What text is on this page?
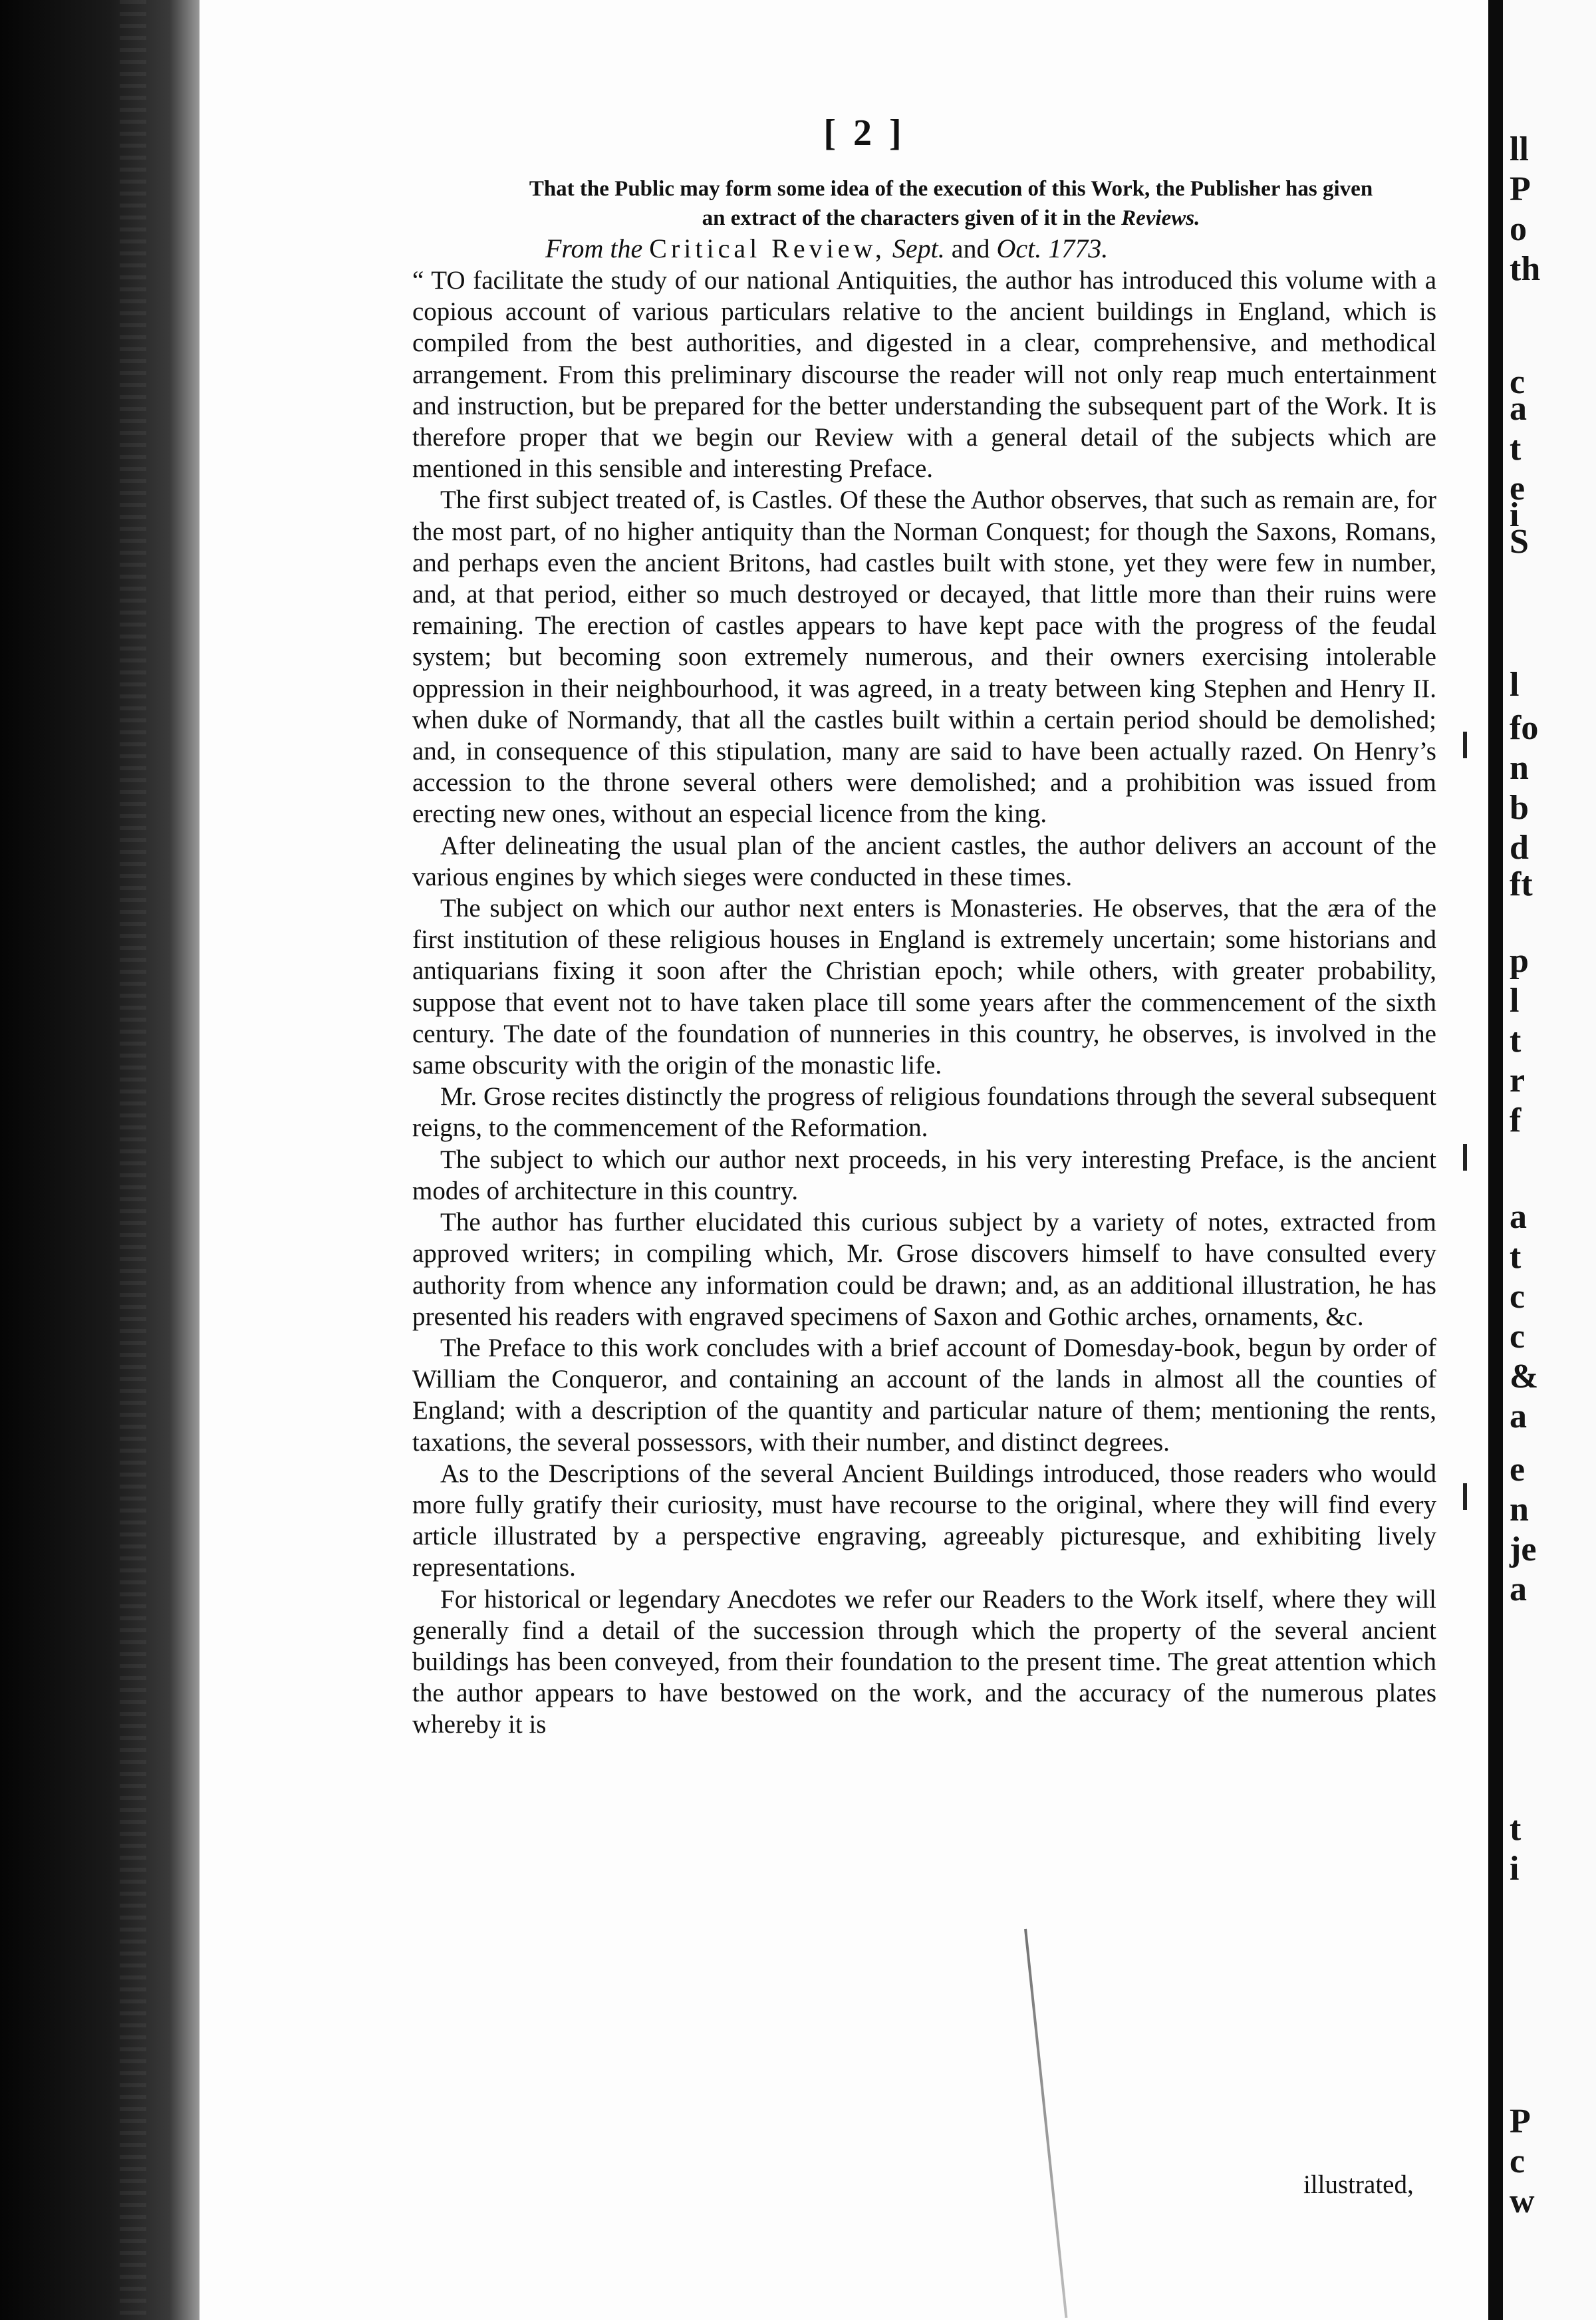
[ 2 ]
That the Public may form some idea of the execution of this Work, the Publisher has given
an extract of the characters given of it in the Reviews.
From the Critical Review, Sept. and Oct. 1773.

“ TO facilitate the study of our national Antiquities, the author has introduced this volume with a copious account of various particulars relative to the ancient buildings in England, which is compiled from the best authorities, and digested in a clear, comprehensive, and methodical arrangement. From this preliminary discourse the reader will not only reap much entertainment and instruction, but be prepared for the better understanding the subsequent part of the Work. It is therefore proper that we begin our Review with a general detail of the subjects which are mentioned in this sensible and interesting Preface.

The first subject treated of, is Castles. Of these the Author observes, that such as remain are, for the most part, of no higher antiquity than the Norman Conquest; for though the Saxons, Romans, and perhaps even the ancient Britons, had castles built with stone, yet they were few in number, and, at that period, either so much destroyed or decayed, that little more than their ruins were remaining. The erection of castles appears to have kept pace with the progress of the feudal system; but becoming soon extremely numerous, and their owners exercising intolerable oppression in their neighbourhood, it was agreed, in a treaty between king Stephen and Henry II. when duke of Normandy, that all the castles built within a certain period should be demolished; and, in consequence of this stipulation, many are said to have been actually razed. On Henry’s accession to the throne several others were demolished; and a prohibition was issued from erecting new ones, without an especial licence from the king.

After delineating the usual plan of the ancient castles, the author delivers an account of the various engines by which sieges were conducted in these times.

The subject on which our author next enters is Monasteries. He observes, that the æra of the first institution of these religious houses in England is extremely uncertain; some historians and antiquarians fixing it soon after the Christian epoch; while others, with greater probability, suppose that event not to have taken place till some years after the commencement of the sixth century. The date of the foundation of nunneries in this country, he observes, is involved in the same obscurity with the origin of the monastic life.

Mr. Grose recites distinctly the progress of religious foundations through the several subsequent reigns, to the commencement of the Reformation.

The subject to which our author next proceeds, in his very interesting Preface, is the ancient modes of architecture in this country.

The author has further elucidated this curious subject by a variety of notes, extracted from approved writers; in compiling which, Mr. Grose discovers himself to have consulted every authority from whence any information could be drawn; and, as an additional illustration, he has presented his readers with engraved specimens of Saxon and Gothic arches, ornaments, &c.

The Preface to this work concludes with a brief account of Domesday-book, begun by order of William the Conqueror, and containing an account of the lands in almost all the counties of England; with a description of the quantity and particular nature of them; mentioning the rents, taxations, the several possessors, with their number, and distinct degrees.

As to the Descriptions of the several Ancient Buildings introduced, those readers who would more fully gratify their curiosity, must have recourse to the original, where they will find every article illustrated by a perspective engraving, agreeably picturesque, and exhibiting lively representations.

For historical or legendary Anecdotes we refer our Readers to the Work itself, where they will generally find a detail of the succession through which the property of the several ancient buildings has been conveyed, from their foundation to the present time. The great attention which the author appears to have bestowed on the work, and the accuracy of the numerous plates whereby it is

illustrated,
ll
P
o
th
c
a
t
e
i
S
l
fo
n
b
d
ft
p
l
t
r
f
a
t
c
c
&
a
e
n
je
a
t
i
P
c
w
